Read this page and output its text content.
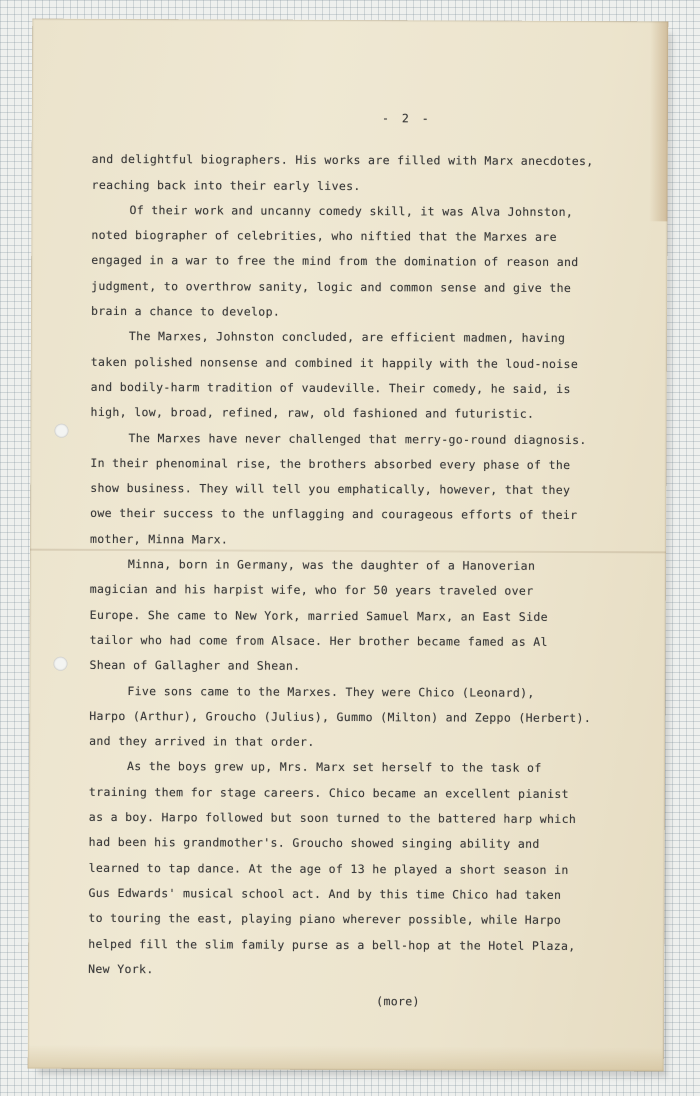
- 2 -
and delightful biographers. His works are filled with Marx anecdotes,
reaching back into their early lives.
Of their work and uncanny comedy skill, it was Alva Johnston,
noted biographer of celebrities, who niftied that the Marxes are
engaged in a war to free the mind from the domination of reason and
judgment, to overthrow sanity, logic and common sense and give the
brain a chance to develop.
The Marxes, Johnston concluded, are efficient madmen, having
taken polished nonsense and combined it happily with the loud-noise
and bodily-harm tradition of vaudeville. Their comedy, he said, is
high, low, broad, refined, raw, old fashioned and futuristic.
The Marxes have never challenged that merry-go-round diagnosis.
In their phenominal rise, the brothers absorbed every phase of the
show business. They will tell you emphatically, however, that they
owe their success to the unflagging and courageous efforts of their
mother, Minna Marx.
Minna, born in Germany, was the daughter of a Hanoverian
magician and his harpist wife, who for 50 years traveled over
Europe. She came to New York, married Samuel Marx, an East Side
tailor who had come from Alsace. Her brother became famed as Al
Shean of Gallagher and Shean.
Five sons came to the Marxes. They were Chico (Leonard),
Harpo (Arthur), Groucho (Julius), Gummo (Milton) and Zeppo (Herbert).
and they arrived in that order.
As the boys grew up, Mrs. Marx set herself to the task of
training them for stage careers. Chico became an excellent pianist
as a boy. Harpo followed but soon turned to the battered harp which
had been his grandmother's. Groucho showed singing ability and
learned to tap dance. At the age of 13 he played a short season in
Gus Edwards' musical school act. And by this time Chico had taken
to touring the east, playing piano wherever possible, while Harpo
helped fill the slim family purse as a bell-hop at the Hotel Plaza,
New York.
(more)
